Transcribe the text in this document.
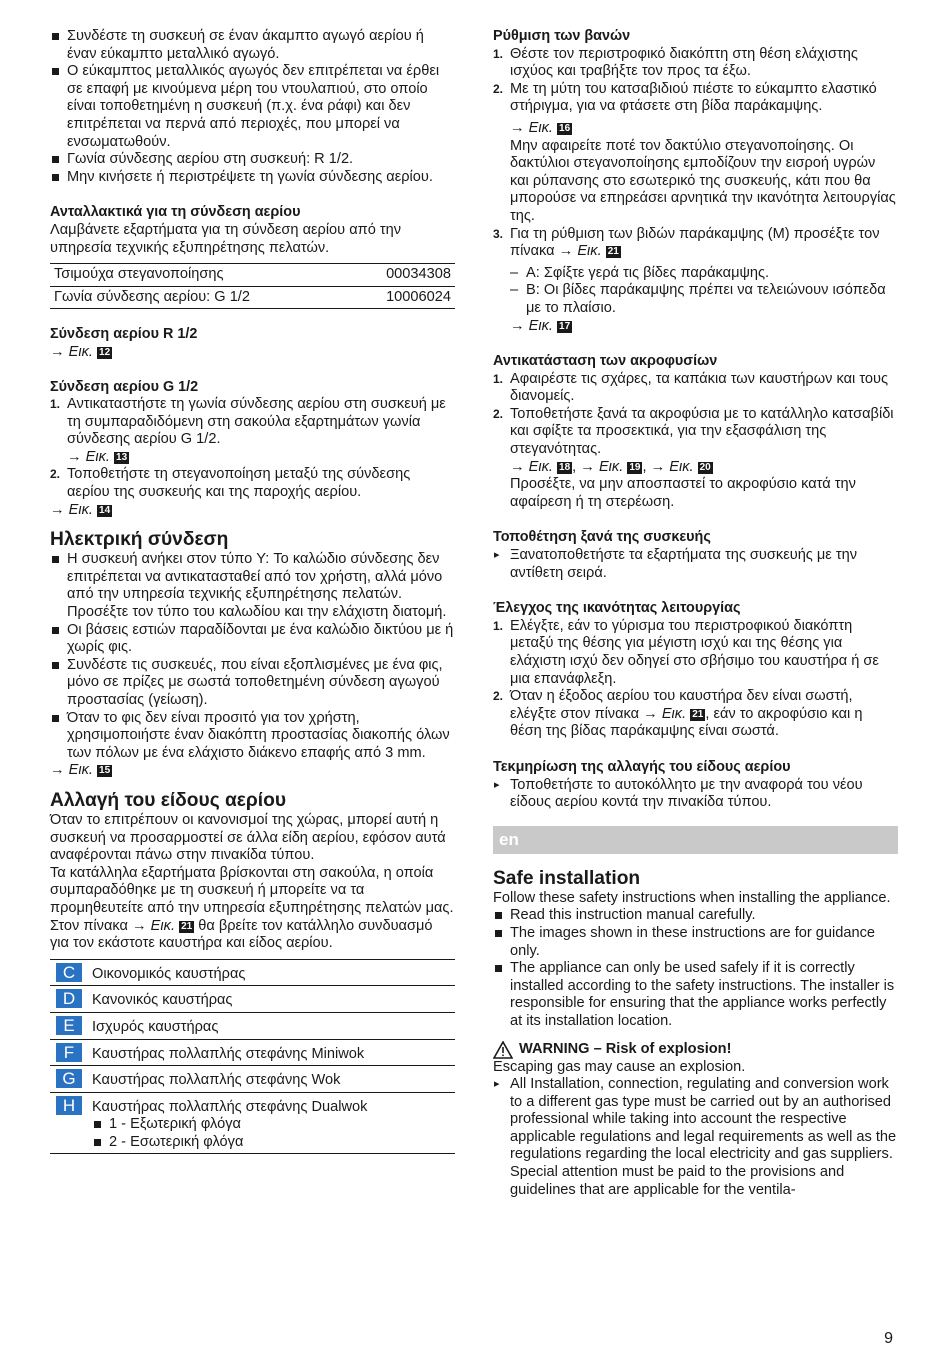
Συνδέστε τη συσκευή σε έναν άκαμπτο αγωγό αερίου ή έναν εύκαμπτο μεταλλικό αγωγό.
Ο εύκαμπτος μεταλλικός αγωγός δεν επιτρέπεται να έρθει σε επαφή με κινούμενα μέρη του ντουλαπιού, στο οποίο είναι τοποθετημένη η συσκευή (π.χ. ένα ράφι) και δεν επιτρέπεται να περνά από περιοχές, που μπορεί να ενσωματωθούν.
Γωνία σύνδεσης αερίου στη συσκευή: R 1/2.
Μην κινήσετε ή περιστρέψετε τη γωνία σύνδεσης αερίου.

Ανταλλακτικά για τη σύνδεση αερίου

Λαμβάνετε εξαρτήματα για τη σύνδεση αερίου από την υπηρεσία τεχνικής εξυπηρέτησης πελατών.

Τσιμούχα στεγανοποίησης	00034308
Γωνία σύνδεσης αερίου: G 1/2	10006024

Σύνδεση αερίου R 1/2

→ Εικ. 12

Σύνδεση αερίου G 1/2

1. Αντικαταστήστε τη γωνία σύνδεσης αερίου στη συσκευή με τη συμπαραδιδόμενη στη σακούλα εξαρτημάτων γωνία σύνδεσης αερίου G 1/2.
→ Εικ. 13
2. Τοποθετήστε τη στεγανοποίηση μεταξύ της σύνδεσης αερίου της συσκευής και της παροχής αερίου.

→ Εικ. 14

Ηλεκτρική σύνδεση

Η συσκευή ανήκει στον τύπο Y: Το καλώδιο σύνδεσης δεν επιτρέπεται να αντικατασταθεί από τον χρήστη, αλλά μόνο από την υπηρεσία τεχνικής εξυπηρέτησης πελατών. Προσέξτε τον τύπο του καλωδίου και την ελάχιστη διατομή.
Οι βάσεις εστιών παραδίδονται με ένα καλώδιο δικτύου με ή χωρίς φις.
Συνδέστε τις συσκευές, που είναι εξοπλισμένες με ένα φις, μόνο σε πρίζες με σωστά τοποθετημένη σύνδεση αγωγού προστασίας (γείωση).
Όταν το φις δεν είναι προσιτό για τον χρήστη, χρησιμοποιήστε έναν διακόπτη προστασίας διακοπής όλων των πόλων με ένα ελάχιστο διάκενο επαφής από 3 mm.

→ Εικ. 15

Αλλαγή του είδους αερίου

Όταν το επιτρέπουν οι κανονισμοί της χώρας, μπορεί αυτή η συσκευή να προσαρμοστεί σε άλλα είδη αερίου, εφόσον αυτά αναφέρονται πάνω στην πινακίδα τύπου.

Τα κατάλληλα εξαρτήματα βρίσκονται στη σακούλα, η οποία συμπαραδόθηκε με τη συσκευή ή μπορείτε να τα προμηθευτείτε από την υπηρεσία εξυπηρέτησης πελατών μας. Στον πίνακα → Εικ. 21 θα βρείτε τον κατάλληλο συνδυασμό για τον εκάστοτε καυστήρα και είδος αερίου.

C Οικονομικός καυστήρας
D Κανονικός καυστήρας
E Ισχυρός καυστήρας
F Καυστήρας πολλαπλής στεφάνης Miniwok
G Καυστήρας πολλαπλής στεφάνης Wok
H Καυστήρας πολλαπλής στεφάνης Dualwok
1 - Εξωτερική φλόγα
2 - Εσωτερική φλόγα

Ρύθμιση των βανών

1. Θέστε τον περιστροφικό διακόπτη στη θέση ελάχιστης ισχύος και τραβήξτε τον προς τα έξω.
2. Με τη μύτη του κατσαβιδιού πιέστε το εύκαμπτο ελαστικό στήριγμα, για να φτάσετε στη βίδα παράκαμψης.
→ Εικ. 16
Μην αφαιρείτε ποτέ τον δακτύλιο στεγανοποίησης. Οι δακτύλιοι στεγανοποίησης εμποδίζουν την εισροή υγρών και ρύπανσης στο εσωτερικό της συσκευής, κάτι που θα μπορούσε να επηρεάσει αρνητικά την ικανότητα λειτουργίας της.
3. Για τη ρύθμιση των βιδών παράκαμψης (M) προσέξτε τον πίνακα → Εικ. 21
– A: Σφίξτε γερά τις βίδες παράκαμψης.
– B: Οι βίδες παράκαμψης πρέπει να τελειώνουν ισόπεδα με το πλαίσιο.

→ Εικ. 17

Αντικατάσταση των ακροφυσίων

1. Αφαιρέστε τις σχάρες, τα καπάκια των καυστήρων και τους διανομείς.
2. Τοποθετήστε ξανά τα ακροφύσια με το κατάλληλο κατσαβίδι και σφίξτε τα προσεκτικά, για την εξασφάλιση της στεγανότητας.
→ Εικ. 18 , → Εικ. 19 , → Εικ. 20
Προσέξτε, να μην αποσπαστεί το ακροφύσιο κατά την αφαίρεση ή τη στερέωση.

Τοποθέτηση ξανά της συσκευής

▸ Ξανατοποθετήστε τα εξαρτήματα της συσκευής με την αντίθετη σειρά.

Έλεγχος της ικανότητας λειτουργίας

1. Ελέγξτε, εάν το γύρισμα του περιστροφικού διακόπτη μεταξύ της θέσης για μέγιστη ισχύ και της θέσης για ελάχιστη ισχύ δεν οδηγεί στο σβήσιμο του καυστήρα ή σε μια επανάφλεξη.
2. Όταν η έξοδος αερίου του καυστήρα δεν είναι σωστή, ελέγξτε στον πίνακα → Εικ. 21 , εάν το ακροφύσιο και η θέση της βίδας παράκαμψης είναι σωστά.

Τεκμηρίωση της αλλαγής του είδους αερίου

▸ Τοποθετήστε το αυτοκόλλητο με την αναφορά του νέου είδους αερίου κοντά την πινακίδα τύπου.
en

Safe installation

Follow these safety instructions when installing the appliance.

Read this instruction manual carefully.
The images shown in these instructions are for guidance only.
The appliance can only be used safely if it is correctly installed according to the safety instructions. The installer is responsible for ensuring that the appliance works perfectly at its installation location.
WARNING – Risk of explosion!

Escaping gas may cause an explosion.

▸ All Installation, connection, regulating and conversion work to a different gas type must be carried out by an authorised professional while taking into account the respective applicable regulations and legal requirements as well as the regulations regarding the local electricity and gas suppliers. Special attention must be paid to the provisions and guidelines that are applicable for the ventila-
9
